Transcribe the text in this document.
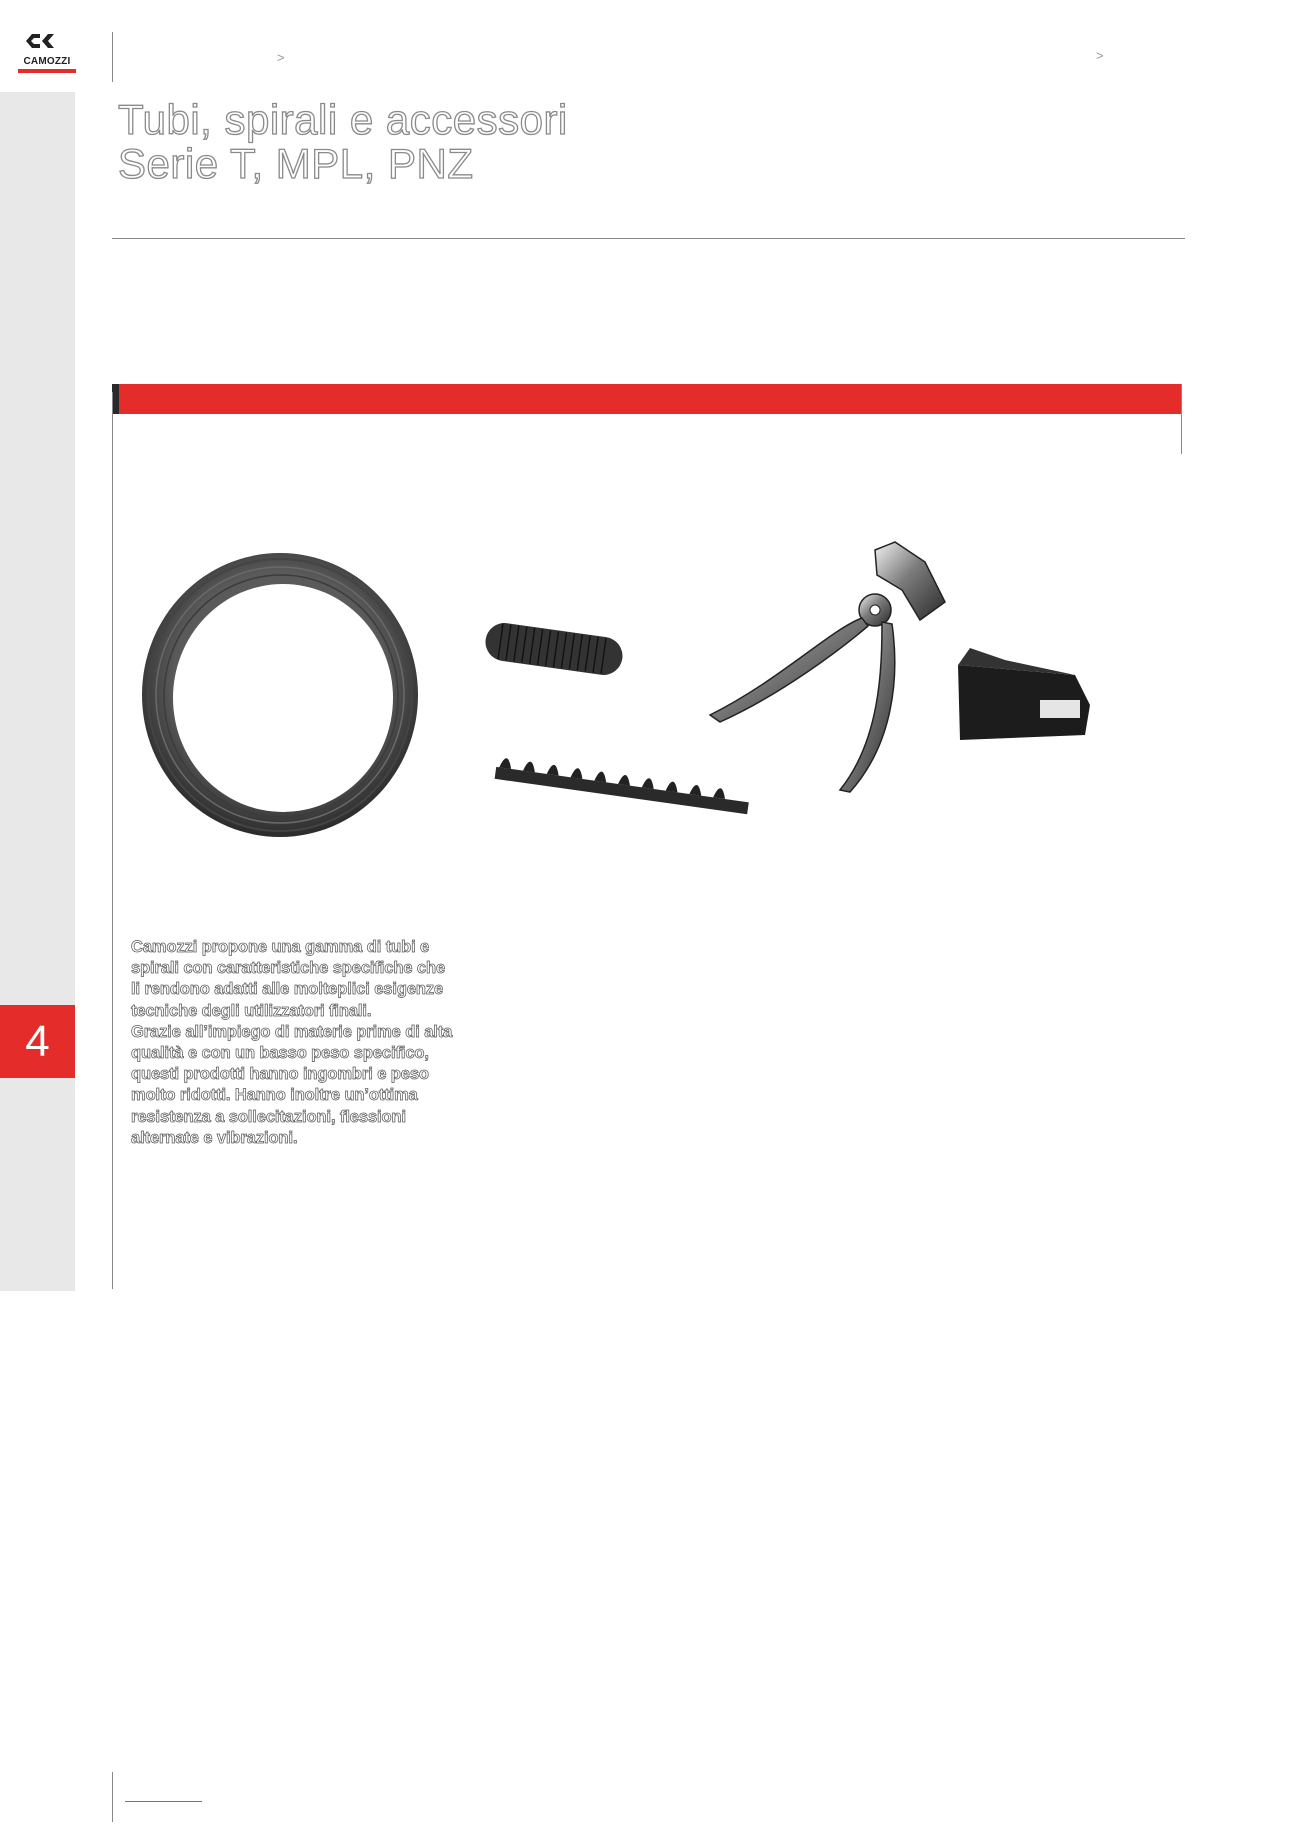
4
CAMOZZI	>	>
Tubi, spirali e accessori
Serie T, MPL, PNZ
Camozzi propone una gamma di tubi e
spirali con caratteristiche specifiche che
li rendono adatti alle molteplici esigenze
tecniche degli utilizzatori finali.
Grazie all’impiego di materie prime di alta
qualità e con un basso peso specifico,
questi prodotti hanno ingombri e peso
molto ridotti. Hanno inoltre un’ottima
resistenza a sollecitazioni, flessioni
alternate e vibrazioni.
